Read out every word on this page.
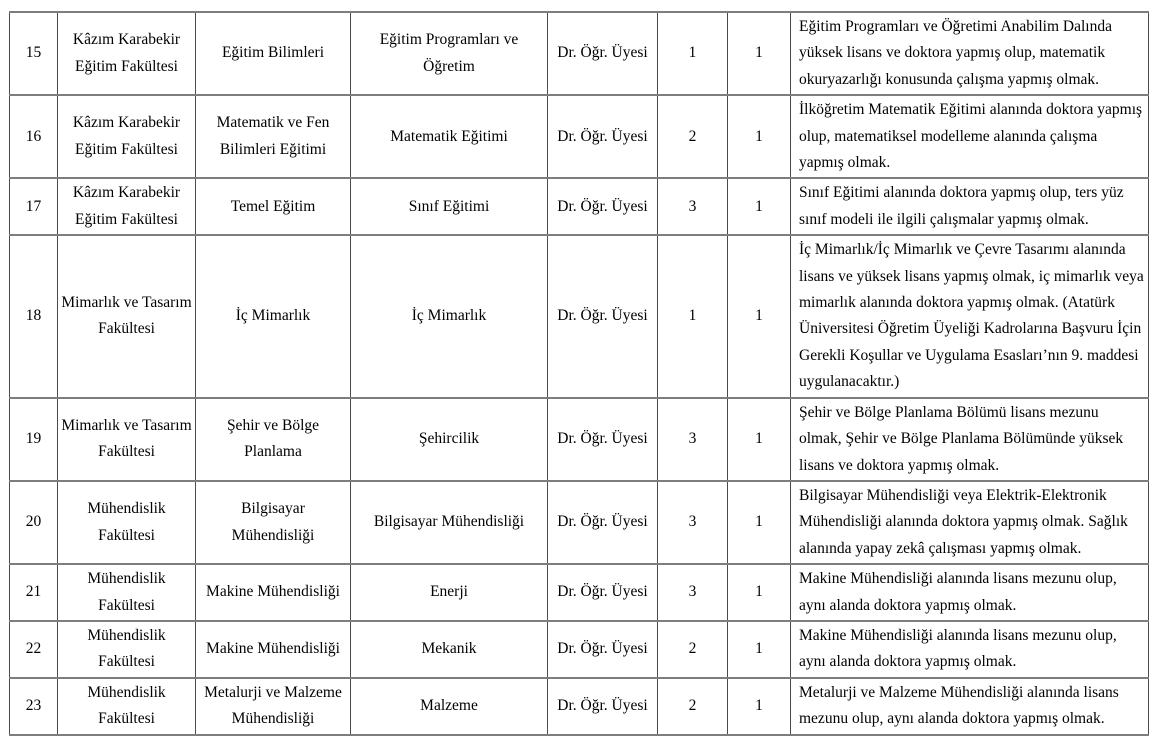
15	Kâzım Karabekir Eğitim Fakültesi	Eğitim Bilimleri	Eğitim Programları ve Öğretim	Dr. Öğr. Üyesi	1	1	Eğitim Programları ve Öğretimi Anabilim Dalında yüksek lisans ve doktora yapmış olup, matematik okuryazarlığı konusunda çalışma yapmış olmak.
16	Kâzım Karabekir Eğitim Fakültesi	Matematik ve Fen Bilimleri Eğitimi	Matematik Eğitimi	Dr. Öğr. Üyesi	2	1	İlköğretim Matematik Eğitimi alanında doktora yapmış olup, matematiksel modelleme alanında çalışma yapmış olmak.
17	Kâzım Karabekir Eğitim Fakültesi	Temel Eğitim	Sınıf Eğitimi	Dr. Öğr. Üyesi	3	1	Sınıf Eğitimi alanında doktora yapmış olup, ters yüz sınıf modeli ile ilgili çalışmalar yapmış olmak.
18	Mimarlık ve Tasarım Fakültesi	İç Mimarlık	İç Mimarlık	Dr. Öğr. Üyesi	1	1	İç Mimarlık/İç Mimarlık ve Çevre Tasarımı alanında lisans ve yüksek lisans yapmış olmak, iç mimarlık veya mimarlık alanında doktora yapmış olmak. (Atatürk Üniversitesi Öğretim Üyeliği Kadrolarına Başvuru İçin Gerekli Koşullar ve Uygulama Esasları’nın 9. maddesi uygulanacaktır.)
19	Mimarlık ve Tasarım Fakültesi	Şehir ve Bölge Planlama	Şehircilik	Dr. Öğr. Üyesi	3	1	Şehir ve Bölge Planlama Bölümü lisans mezunu olmak, Şehir ve Bölge Planlama Bölümünde yüksek lisans ve doktora yapmış olmak.
20	Mühendislik Fakültesi	Bilgisayar Mühendisliği	Bilgisayar Mühendisliği	Dr. Öğr. Üyesi	3	1	Bilgisayar Mühendisliği veya Elektrik-Elektronik Mühendisliği alanında doktora yapmış olmak. Sağlık alanında yapay zekâ çalışması yapmış olmak.
21	Mühendislik Fakültesi	Makine Mühendisliği	Enerji	Dr. Öğr. Üyesi	3	1	Makine Mühendisliği alanında lisans mezunu olup, aynı alanda doktora yapmış olmak.
22	Mühendislik Fakültesi	Makine Mühendisliği	Mekanik	Dr. Öğr. Üyesi	2	1	Makine Mühendisliği alanında lisans mezunu olup, aynı alanda doktora yapmış olmak.
23	Mühendislik Fakültesi	Metalurji ve Malzeme Mühendisliği	Malzeme	Dr. Öğr. Üyesi	2	1	Metalurji ve Malzeme Mühendisliği alanında lisans mezunu olup, aynı alanda doktora yapmış olmak.
